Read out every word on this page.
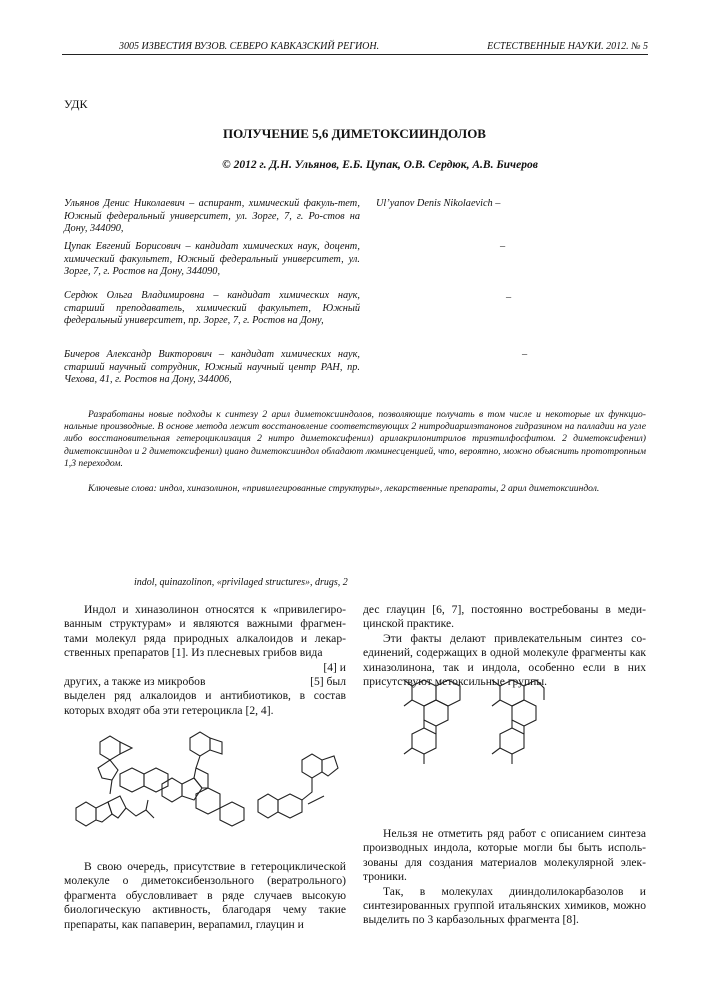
3005 ИЗВЕСТИЯ ВУЗОВ. СЕВЕРО КАВКАЗСКИЙ РЕГИОН.	ЕСТЕСТВЕННЫЕ НАУКИ. 2012. № 5
УДК
ПОЛУЧЕНИЕ 5,6 ДИМЕТОКСИИНДОЛОВ
© 2012 г. Д.Н. Ульянов, Е.Б. Цупак, О.В. Сердюк, А.В. Бичеров
Ульянов Денис Николаевич – аспирант, химический факуль-тет, Южный федеральный университет, ул. Зорге, 7, г. Ро-стов на Дону, 344090,
Ul’yanov Denis Nikolaevich –
Цупак Евгений Борисович – кандидат химических наук, доцент, химический факультет, Южный федеральный университет, ул. Зорге, 7, г. Ростов на Дону, 344090,
–
Сердюк Ольга Владимировна – кандидат химических наук, старший преподаватель, химический факультет, Южный федеральный университет, пр. Зорге, 7, г. Ростов на Дону,
–
Бичеров Александр Викторович – кандидат химических наук, старший научный сотрудник, Южный научный центр РАН, пр. Чехова, 41, г. Ростов на Дону, 344006,
–
Разработаны новые подходы к синтезу 2 арил диметоксииндолов, позволяющие получать в том числе и некоторые их функцио-нальные производные. В основе метода лежит восстановление соответствующих 2 нитродиарилэтанонов гидразином на палладии на угле либо восстановительная гетероциклизация 2 нитро диметоксифенил) арилакрилонитрилов триэтилфосфитом. 2 диметоксифенил) диметоксииндол и 2 диметоксифенил) циано диметоксииндол обладают люминесценцией, что, вероятно, можно объяснить прототропным 1,3 переходом.
Ключевые слова: индол, хиназолинон, «привилегированные структуры», лекарственные препараты, 2 арил диметоксииндол.
indol, quinazolinon, «privilaged structures», drugs, 2

Индол и хиназолинон относятся к «привилегиро-ванным структурам» и являются важными фрагмен-тами молекул ряда природных алкалоидов и лекар-ственных препаратов [1]. Из плесневых грибов вида

[4] и
других, а также из микробов	[5] был
выделен ряд алкалоидов и антибиотиков, в состав которых входят оба эти гетероцикла [2, 4].

В свою очередь, присутствие в гетероциклической молекуле о диметоксибензольного (вератрольного) фрагмента обусловливает в ряде случаев высокую биологическую активность, благодаря чему такие препараты, как папаверин, верапамил, глауцин и

дес глауцин [6, 7], постоянно востребованы в меди-цинской практике.

Эти факты делают привлекательным синтез со-единений, содержащих в одной молекуле фрагменты как хиназолинона, так и индола, особенно если в них присутствуют метоксильные группы.

Нельзя не отметить ряд работ с описанием синтеза производных индола, которые могли бы быть исполь-зованы для создания материалов молекулярной элек-троники.

Так, в молекулах дииндолилокарбазолов и синтезированных группой итальянских химиков, можно выделить по 3 карбазольных фрагмента [8].
